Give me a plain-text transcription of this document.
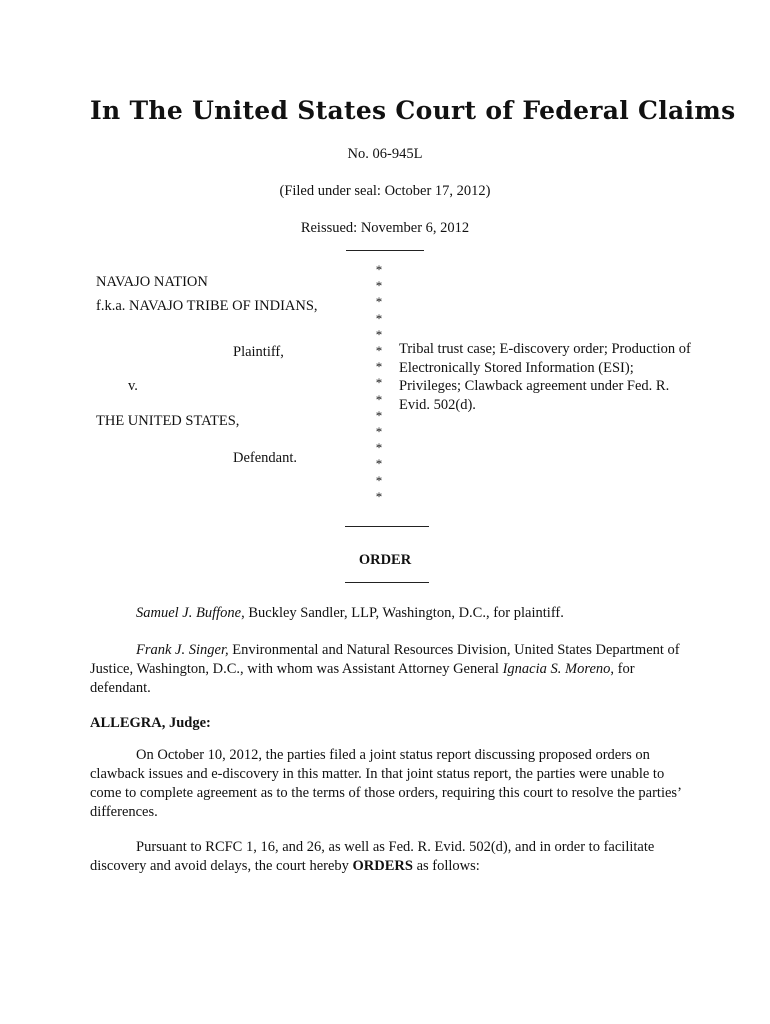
In The United States Court of Federal Claims
No. 06-945L
(Filed under seal: October 17, 2012)
Reissued: November 6, 2012
NAVAJO NATION
f.k.a. NAVAJO TRIBE OF INDIANS,
Plaintiff,
v.
THE UNITED STATES,
Defendant.
*
*
*
*
*
*
*
*
*
*
*
*
*
*
*
Tribal trust case; E-discovery order; Production of Electronically Stored Information (ESI); Privileges; Clawback agreement under Fed. R. Evid. 502(d).
ORDER
Samuel J. Buffone, Buckley Sandler, LLP, Washington, D.C., for plaintiff.
Frank J. Singer, Environmental and Natural Resources Division, United States Department of Justice, Washington, D.C., with whom was Assistant Attorney General Ignacia S. Moreno, for defendant.
ALLEGRA, Judge:
On October 10, 2012, the parties filed a joint status report discussing proposed orders on clawback issues and e-discovery in this matter. In that joint status report, the parties were unable to come to complete agreement as to the terms of those orders, requiring this court to resolve the parties’ differences.
Pursuant to RCFC 1, 16, and 26, as well as Fed. R. Evid. 502(d), and in order to facilitate discovery and avoid delays, the court hereby ORDERS as follows:
